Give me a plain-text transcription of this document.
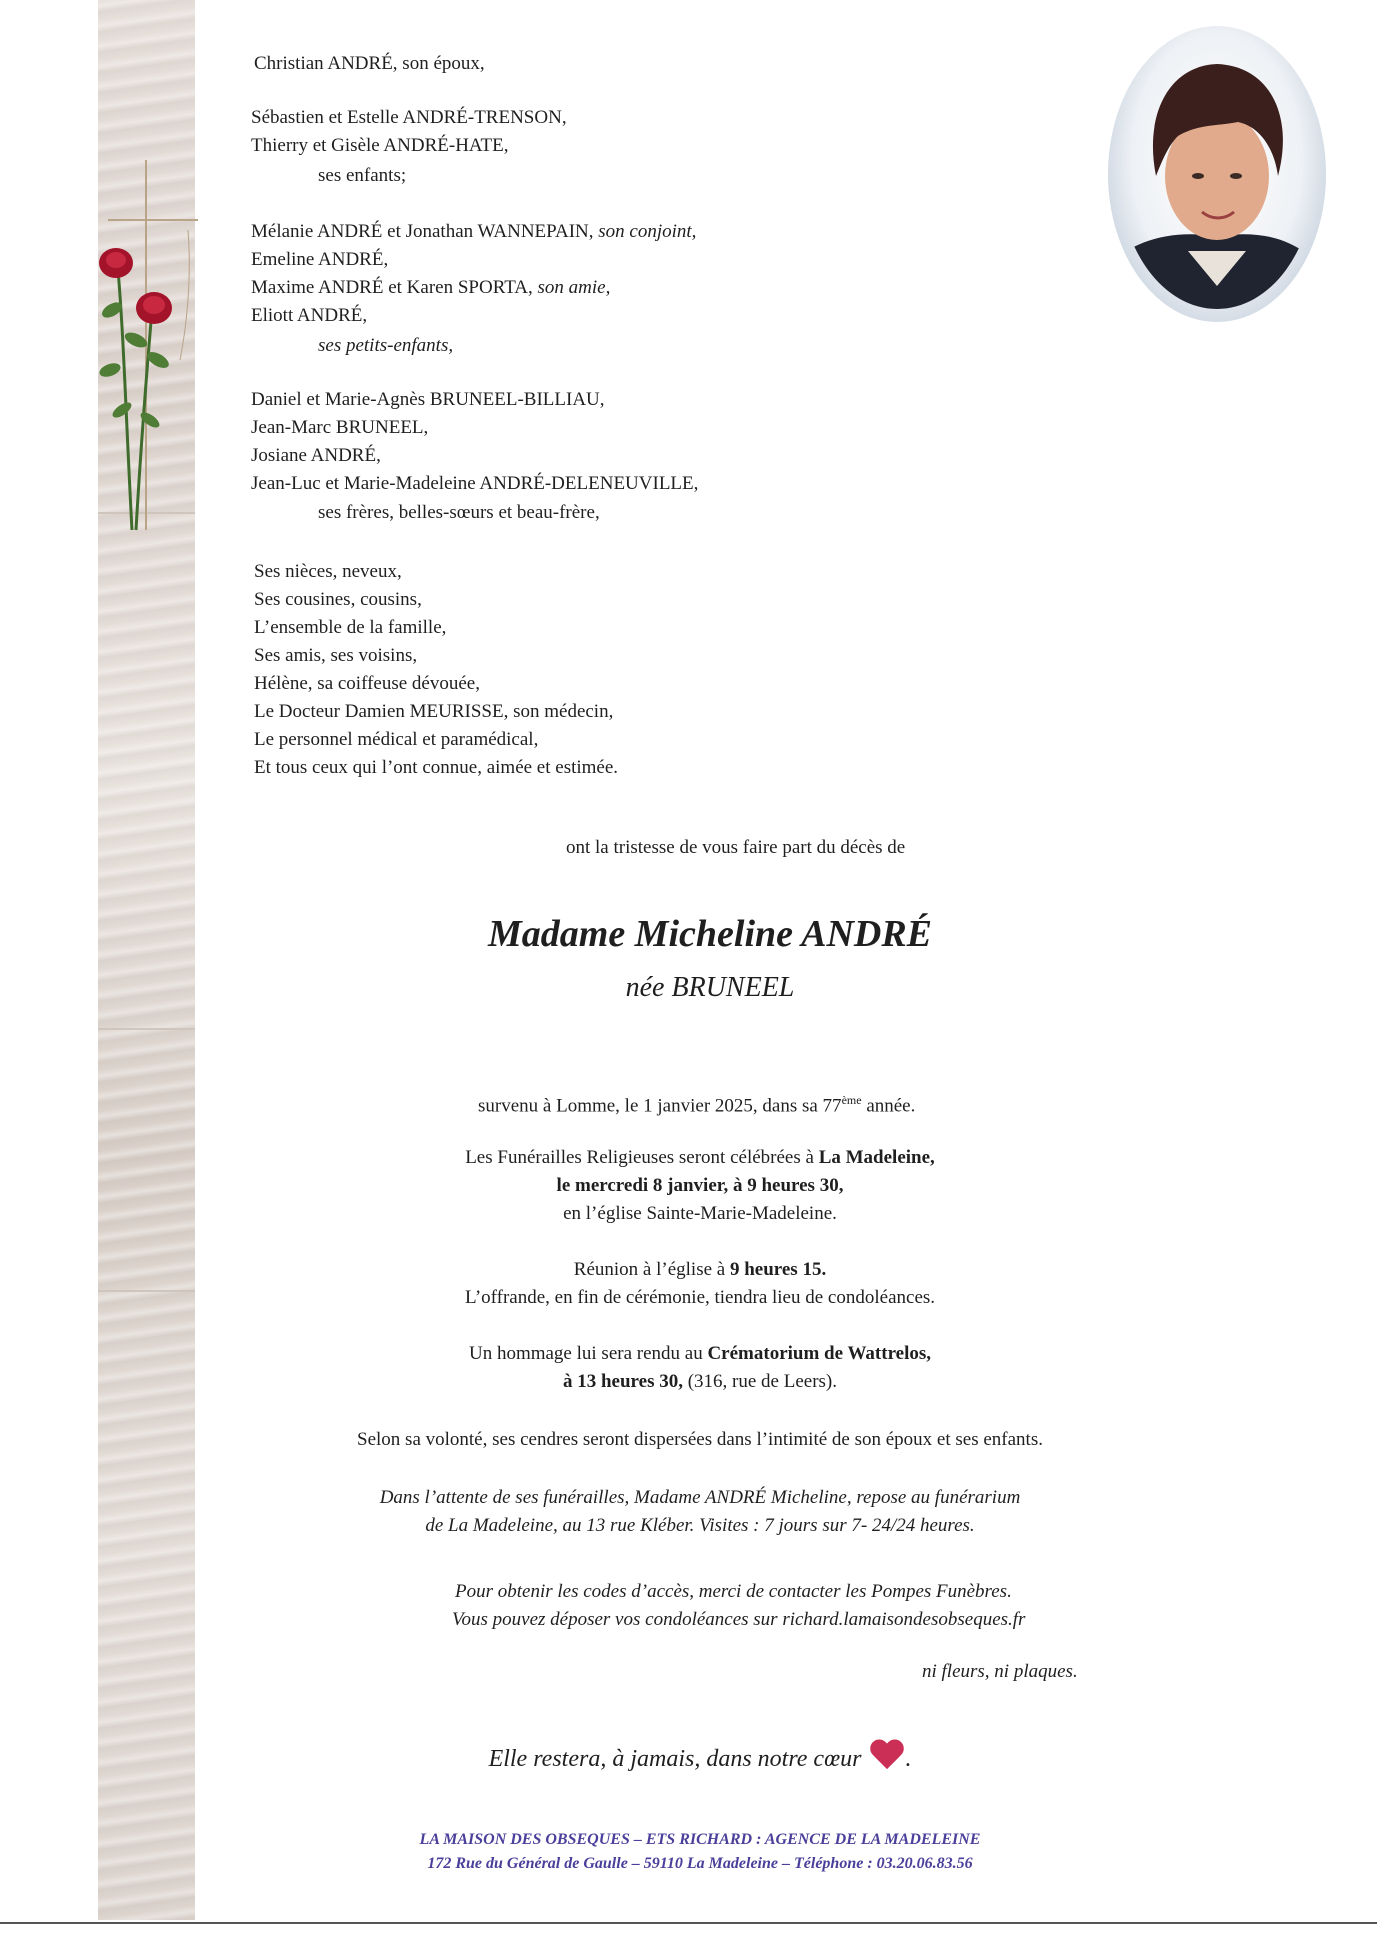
Christian ANDRÉ, son époux,
Sébastien et Estelle ANDRÉ-TRENSON,
Thierry et Gisèle ANDRÉ-HATE,
ses enfants;
Mélanie ANDRÉ et Jonathan WANNEPAIN, son conjoint,
Emeline ANDRÉ,
Maxime ANDRÉ et Karen SPORTA, son amie,
Eliott ANDRÉ,
ses petits-enfants,
Daniel et Marie-Agnès BRUNEEL-BILLIAU,
Jean-Marc BRUNEEL,
Josiane ANDRÉ,
Jean-Luc et Marie-Madeleine ANDRÉ-DELENEUVILLE,
ses frères, belles-sœurs et beau-frère,
Ses nièces, neveux,
Ses cousines, cousins,
L’ensemble de la famille,
Ses amis, ses voisins,
Hélène, sa coiffeuse dévouée,
Le Docteur Damien MEURISSE, son médecin,
Le personnel médical et paramédical,
Et tous ceux qui l’ont connue, aimée et estimée.
ont la tristesse de vous faire part du décès de
Madame Micheline ANDRÉ
née BRUNEEL
survenu à Lomme, le 1 janvier 2025, dans sa 77ème année.
Les Funérailles Religieuses seront célébrées à La Madeleine,
le mercredi 8 janvier, à 9 heures 30,
en l’église Sainte-Marie-Madeleine.
Réunion à l’église à 9 heures 15.
L’offrande, en fin de cérémonie, tiendra lieu de condoléances.
Un hommage lui sera rendu au Crématorium de Wattrelos,
à 13 heures 30, (316, rue de Leers).
Selon sa volonté, ses cendres seront dispersées dans l’intimité de son époux et ses enfants.
Dans l’attente de ses funérailles, Madame ANDRÉ Micheline, repose au funérarium
de La Madeleine, au 13 rue Kléber. Visites : 7 jours sur 7- 24/24 heures.
Pour obtenir les codes d’accès, merci de contacter les Pompes Funèbres.
Vous pouvez déposer vos condoléances sur richard.lamaisondesobseques.fr
ni fleurs, ni plaques.
Elle restera, à jamais, dans notre cœur .
LA MAISON DES OBSEQUES – ETS RICHARD : AGENCE DE LA MADELEINE
172 Rue du Général de Gaulle – 59110 La Madeleine – Téléphone : 03.20.06.83.56
